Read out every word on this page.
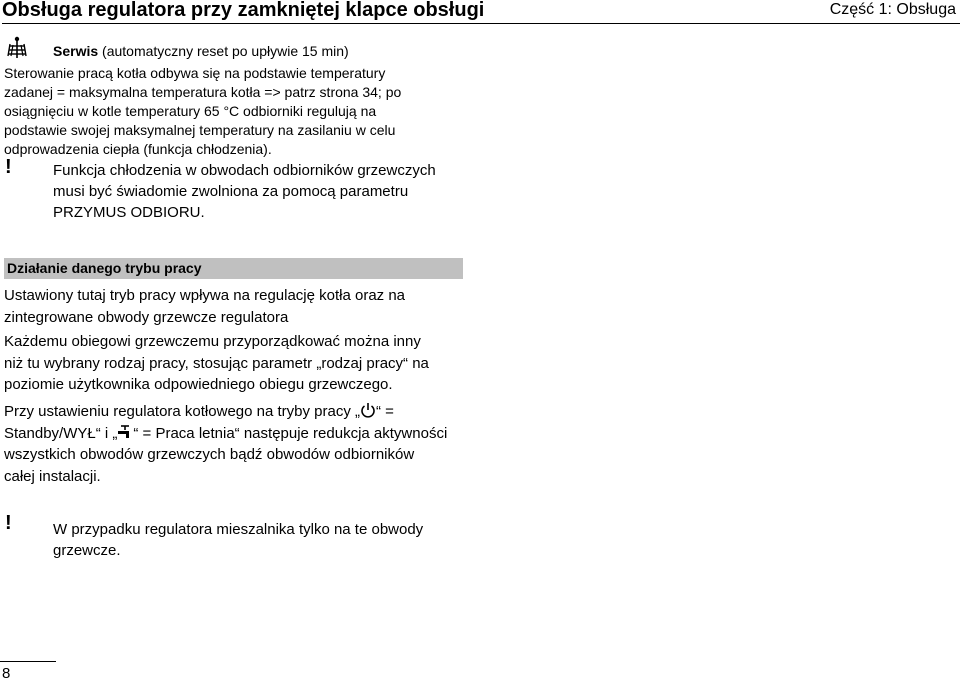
Obsługa regulatora przy zamkniętej klapce obsługi	Część 1: Obsługa
Serwis (automatyczny reset po upływie 15 min)
Sterowanie pracą kotła odbywa się na podstawie temperatury
zadanej = maksymalna temperatura kotła => patrz strona 34; po
osiągnięciu w kotle temperatury 65 °C odbiorniki regulują na
podstawie swojej maksymalnej temperatury na zasilaniu w celu
odprowadzenia ciepła (funkcja chłodzenia).
!	Funkcja chłodzenia w obwodach odbiorników grzewczych
musi być świadomie zwolniona za pomocą parametru
PRZYMUS ODBIORU.
Działanie danego trybu pracy
Ustawiony tutaj tryb pracy wpływa na regulację kotła oraz na
zintegrowane obwody grzewcze regulatora
Każdemu obiegowi grzewczemu przyporządkować można inny
niż tu wybrany rodzaj pracy, stosując parametr „rodzaj pracy“ na
poziomie użytkownika odpowiedniego obiegu grzewczego.
Przy ustawieniu regulatora kotłowego na tryby pracy „ “ =
Standby/WYŁ“ i „ “ = Praca letnia“ następuje redukcja aktywności
wszystkich obwodów grzewczych bądź obwodów odbiorników
całej instalacji.
!	W przypadku regulatora mieszalnika tylko na te obwody
grzewcze.
8
